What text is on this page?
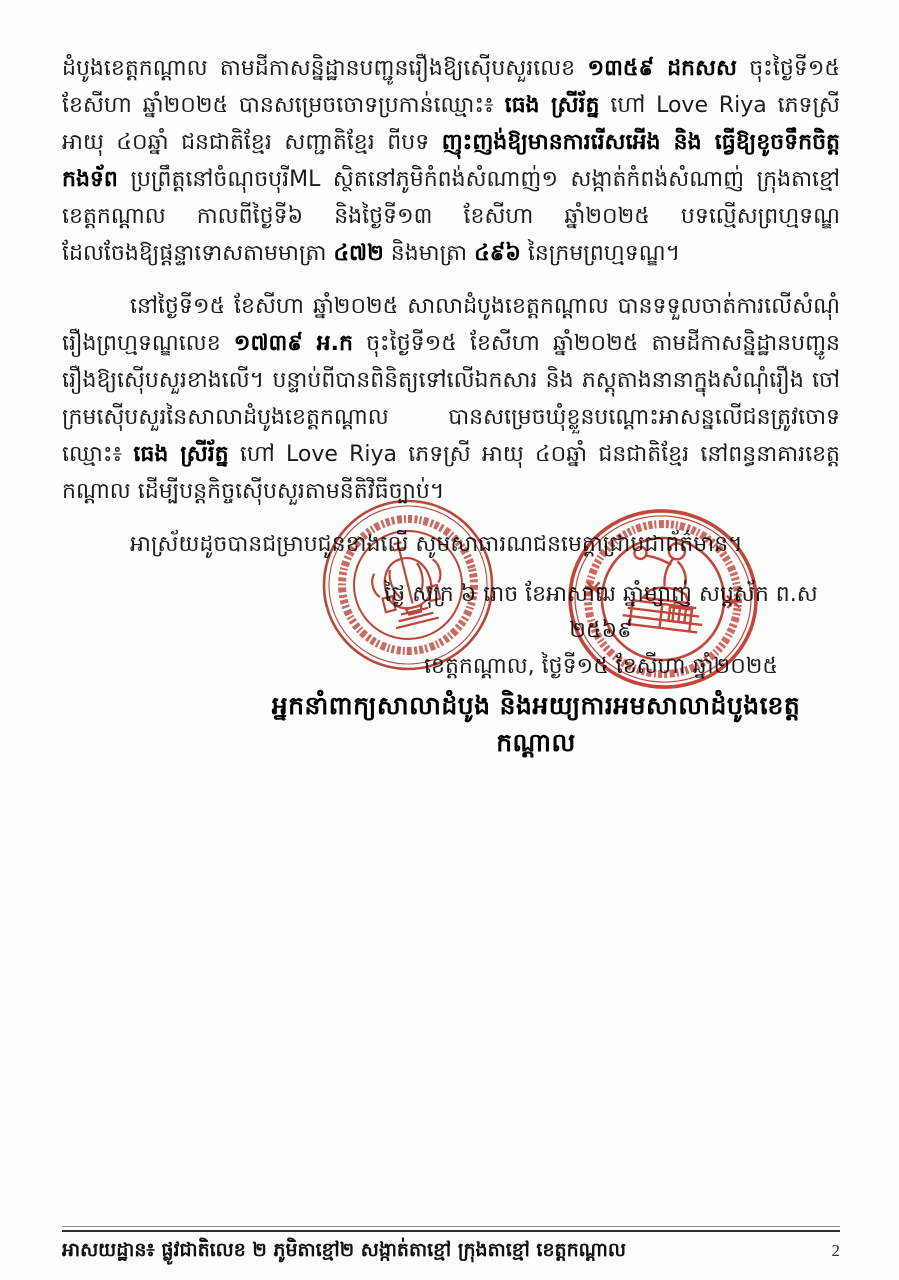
ដំបូងខេត្តកណ្ដាល តាមដីកាសន្និដ្ឋានបញ្ជូនរឿងឱ្យស៊ើបសួរលេខ ១៣៥៩ ដកសស ចុះថ្ងៃទី១៥ ខែសីហា ឆ្នាំ២០២៥ បានសម្រេចចោទប្រកាន់ឈ្មោះ៖ ធេង ស្រីរ័ត្ន ហៅ Love Riya ភេទស្រី អាយុ ៤០ឆ្នាំ ជនជាតិខ្មែរ សញ្ជាតិខ្មែរ ពីបទ ញុះញង់ឱ្យមានការរើសអើង និង ធ្វើឱ្យខូចទឹកចិត្តកងទ័ព ប្រព្រឹត្តនៅចំណុចបុរីML ស្ថិតនៅភូមិកំពង់សំណាញ់១ សង្កាត់កំពង់សំណាញ់ ក្រុងតាខ្មៅ ខេត្តកណ្ដាល កាលពីថ្ងៃទី៦ និងថ្ងៃទី១៣ ខែសីហា ឆ្នាំ២០២៥ បទល្មើសព្រហ្មទណ្ឌដែលចែងឱ្យផ្តន្ទាទោសតាមមាត្រា ៤៧២ និងមាត្រា ៤៩៦ នៃក្រមព្រហ្មទណ្ឌ។
នៅថ្ងៃទី១៥ ខែសីហា ឆ្នាំ២០២៥ សាលាដំបូងខេត្តកណ្ដាល បានទទួលចាត់ការលើសំណុំរឿងព្រហ្មទណ្ឌលេខ ១៧៣៩ អ.ក ចុះថ្ងៃទី១៥ ខែសីហា ឆ្នាំ២០២៥ តាមដីកាសន្និដ្ឋានបញ្ជូនរឿងឱ្យស៊ើបសួរខាងលើ។ បន្ទាប់ពីបានពិនិត្យទៅលើឯកសារ និង ភស្តុតាងនានាក្នុងសំណុំរឿង ចៅក្រមស៊ើបសួរនៃសាលាដំបូងខេត្តកណ្ដាល បានសម្រេចឃុំខ្លួនបណ្ដោះអាសន្នលើជនត្រូវចោទឈ្មោះ៖ ធេង ស្រីរ័ត្ន ហៅ Love Riya ភេទស្រី អាយុ ៤០ឆ្នាំ ជនជាតិខ្មែរ នៅពន្ធនាគារខេត្តកណ្ដាល ដើម្បីបន្តកិច្ចស៊ើបសួរតាមនីតិវិធីច្បាប់។
អាស្រ័យដូចបានជម្រាបជូនខាងលើ សូមសាធារណជនមេត្តាជ្រាបជាព័ត៌មាន។
ថ្ងៃ សុក្រ ៦ រោច ខែអាសាឍ ឆ្នាំម្សាញ់ សប្តស័ក ព.ស ២៥៦៩
ខេត្តកណ្ដាល, ថ្ងៃទី១៥ ខែសីហា ឆ្នាំ២០២៥
អ្នកនាំពាក្យសាលាដំបូង និងអយ្យការអមសាលាដំបូងខេត្តកណ្ដាល
អាសយដ្ឋាន៖ ផ្លូវជាតិលេខ ២ ភូមិតាខ្មៅ២ សង្កាត់តាខ្មៅ ក្រុងតាខ្មៅ ខេត្តកណ្ដាល	2
